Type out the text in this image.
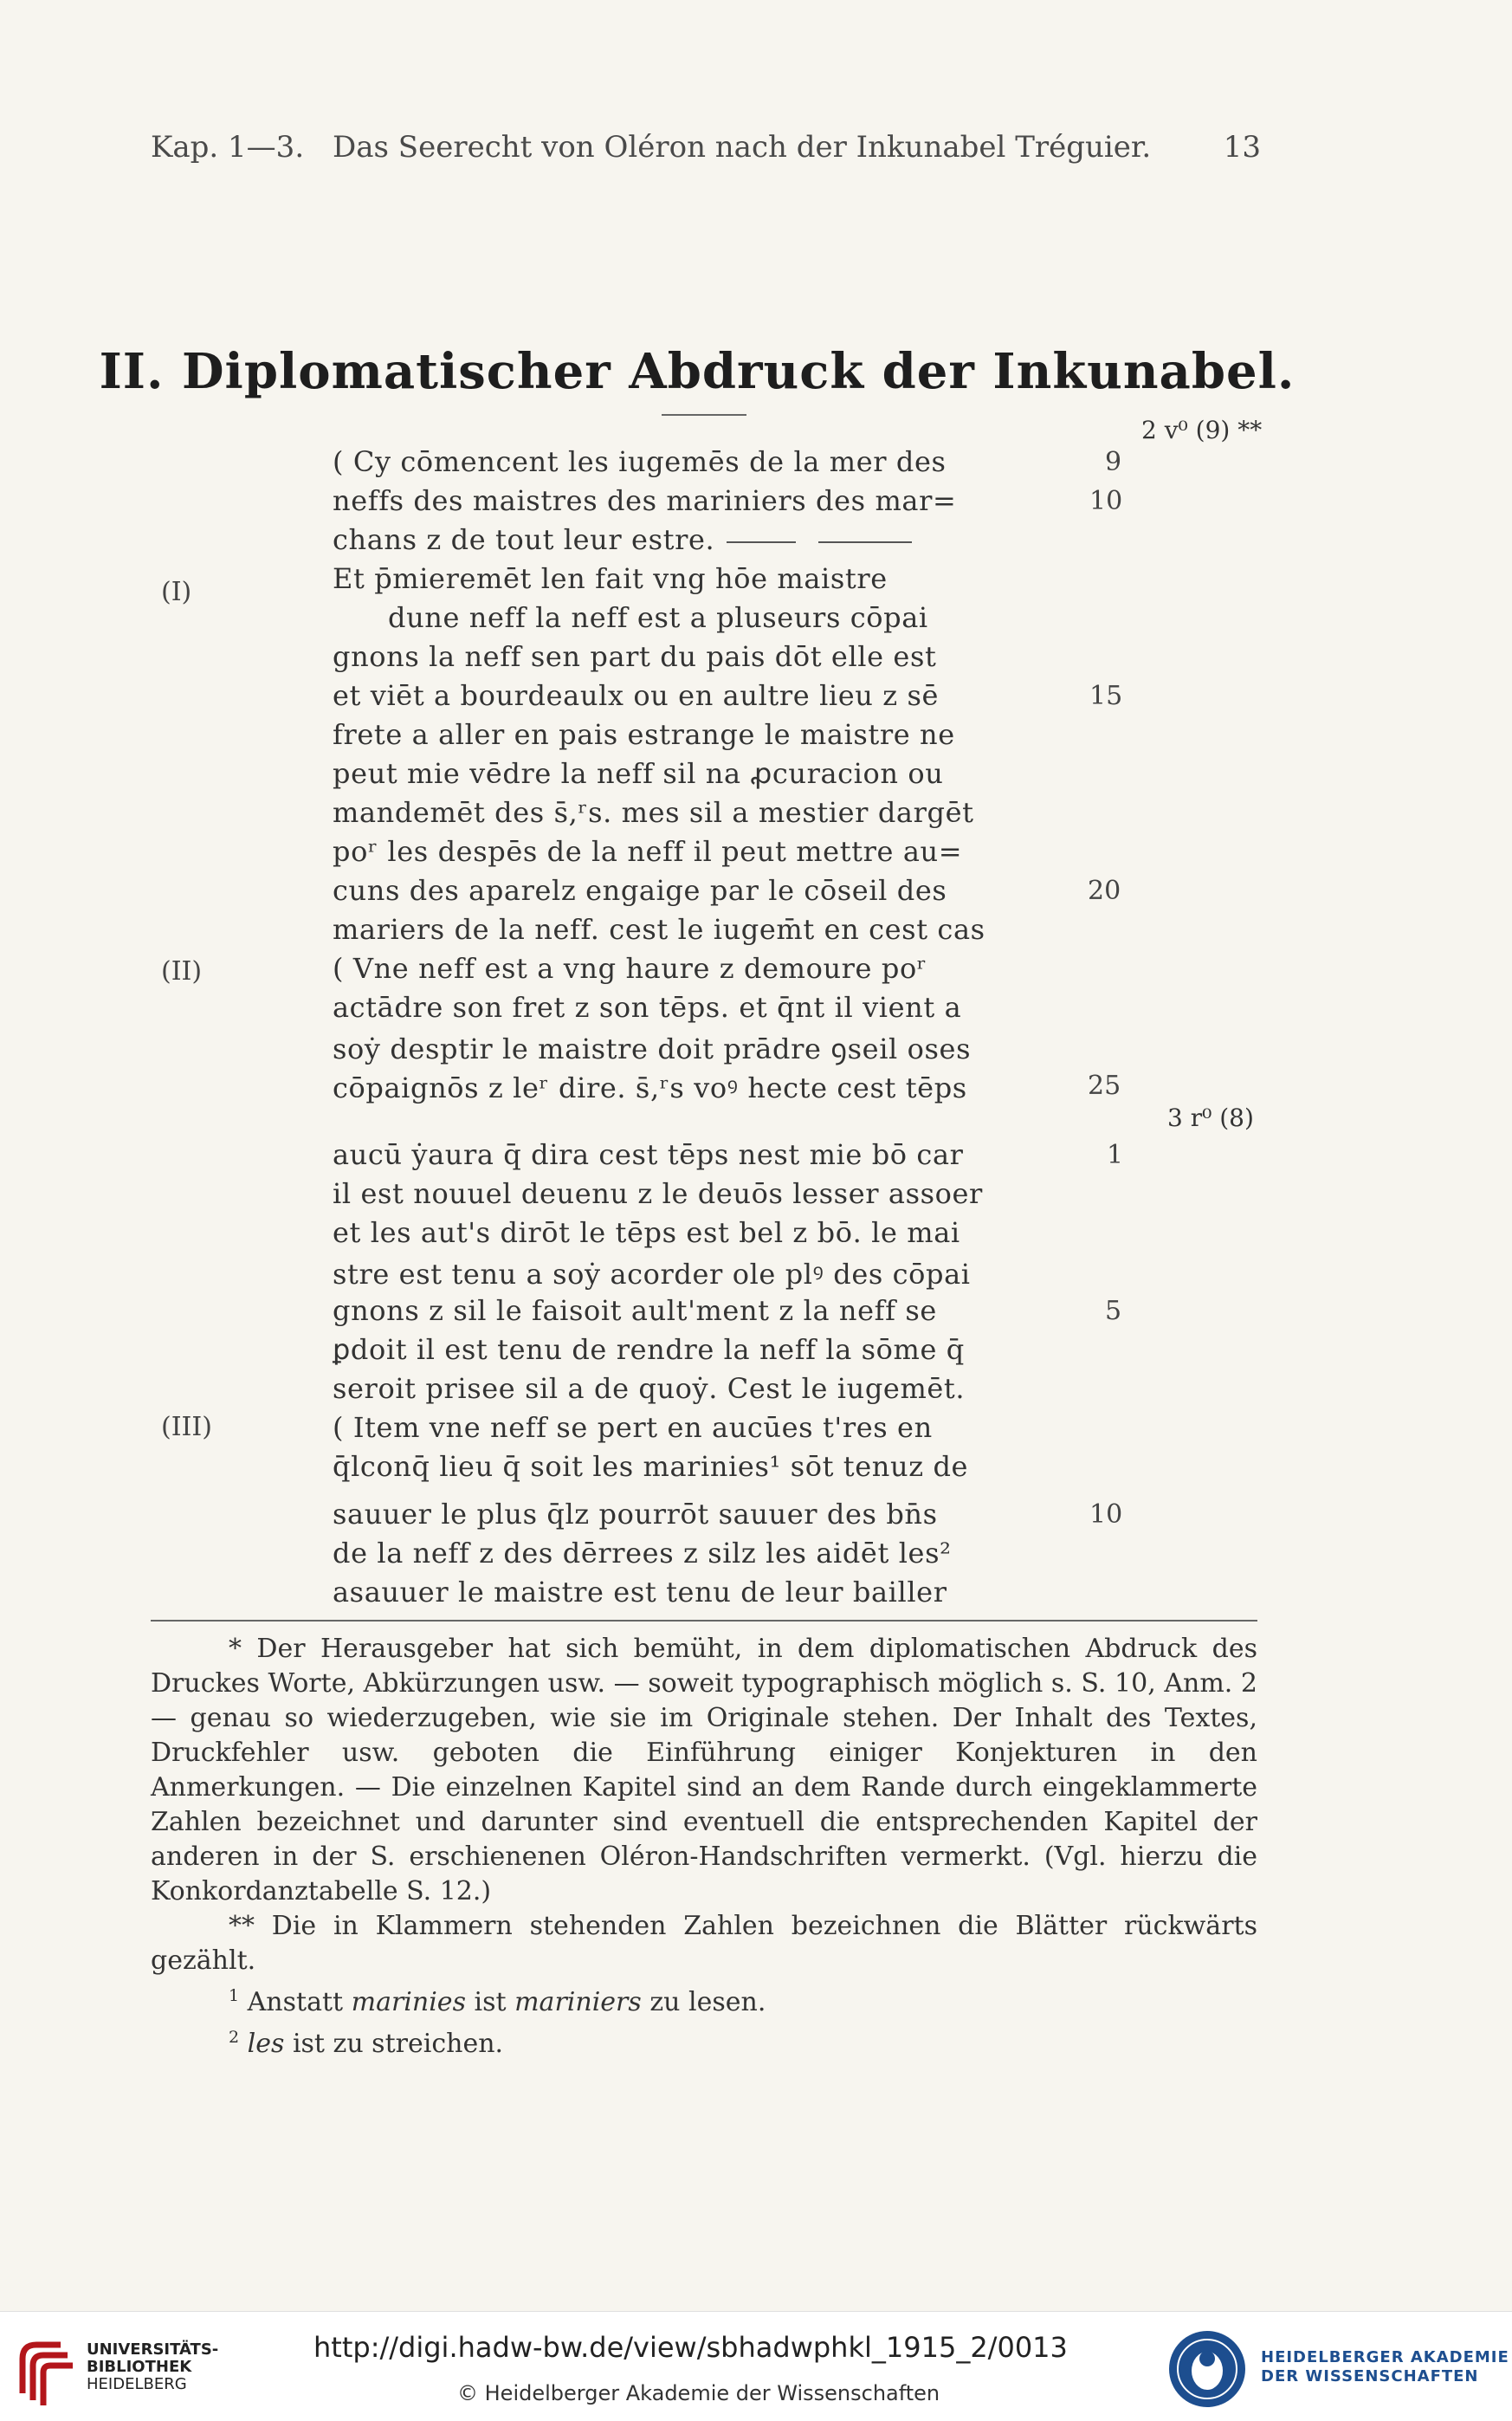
Kap. 1—3. Das Seerecht von Oléron nach der Inkunabel Tréguier. 13
II. Diplomatischer Abdruck der Inkunabel.
2 v⁰ (9) **
3 r⁰ (8)
(I)
(II)
(III)
( Cy cōmencent les iugemēs de la mer des	9
neffs des maistres des mariniers des mar=	10
chans z de tout leur estre.
Et p̄mieremēt len fait vng hōe maistre
dune neff la neff est a pluseurs cōpai
gnons la neff sen part du pais dōt elle est
et viēt a bourdeaulx ou en aultre lieu z sē	15
frete a aller en pais estrange le maistre ne
peut mie vēdre la neff sil na ꝓcuracion ou
mandemēt des s̄,ʳs. mes sil a mestier dargēt
poʳ les despēs de la neff il peut mettre au=
cuns des aparelz engaige par le cōseil des	20
mariers de la neff. cest le iugem̄t en cest cas
( Vne neff est a vng haure z demoure poʳ
actādre son fret z son tēps. et q̄nt il vient a
soẏ desptir le maistre doit prādre ꝯseil oses
cōpaignōs z leʳ dire. s̄,ʳs voꝰ hecte cest tēps	25
aucū ẏaura q̄ dira cest tēps nest mie bō car	1
il est nouuel deuenu z le deuōs lesser assoer
et les aut's dirōt le tēps est bel z bō. le mai
stre est tenu a soẏ acorder ole plꝰ des cōpai
gnons z sil le faisoit ault'ment z la neff se	5
ꝑdoit il est tenu de rendre la neff la sōme q̄
seroit prisee sil a de quoẏ. Cest le iugemēt.
( Item vne neff se pert en aucūes t'res en
q̄lconq̄ lieu q̄ soit les marinies¹ sōt tenuz de
sauuer le plus q̄lz pourrōt sauuer des bn̄s	10
de la neff z des dērrees z silz les aidēt les²
asauuer le maistre est tenu de leur bailler

* Der Herausgeber hat sich bemüht, in dem diplomatischen Abdruck des Druckes Worte, Abkürzungen usw. — soweit typographisch möglich s. S. 10, Anm. 2 — genau so wiederzugeben, wie sie im Originale stehen. Der Inhalt des Textes, Druckfehler usw. geboten die Einführung einiger Konjekturen in den Anmerkungen. — Die einzelnen Kapitel sind an dem Rande durch eingeklammerte Zahlen bezeichnet und darunter sind eventuell die entsprechenden Kapitel der anderen in der S. erschienenen Oléron-Handschriften vermerkt. (Vgl. hierzu die Konkordanztabelle S. 12.)

** Die in Klammern stehenden Zahlen bezeichnen die Blätter rückwärts gezählt.

$^1$ Anstatt marinies ist mariniers zu lesen.

$^2$ les ist zu streichen.

UNIVERSITÄTS-
BIBLIOTHEK
HEIDELBERG
http://digi.hadw-bw.de/view/sbhadwphkl_1915_2/0013
© Heidelberger Akademie der Wissenschaften
HEIDELBERGER AKADEMIE
DER WISSENSCHAFTEN
